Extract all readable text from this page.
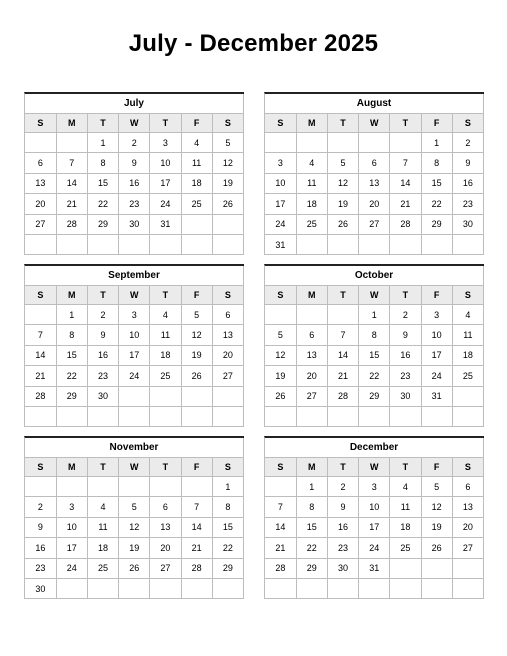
July - December 2025
July
S	M	T	W	T	F	S
		1	2	3	4	5
6	7	8	9	10	11	12
13	14	15	16	17	18	19
20	21	22	23	24	25	26
27	28	29	30	31		

August
S	M	T	W	T	F	S
					1	2
3	4	5	6	7	8	9
10	11	12	13	14	15	16
17	18	19	20	21	22	23
24	25	26	27	28	29	30
31						
September
S	M	T	W	T	F	S
	1	2	3	4	5	6
7	8	9	10	11	12	13
14	15	16	17	18	19	20
21	22	23	24	25	26	27
28	29	30				

October
S	M	T	W	T	F	S
			1	2	3	4
5	6	7	8	9	10	11
12	13	14	15	16	17	18
19	20	21	22	23	24	25
26	27	28	29	30	31	

November
S	M	T	W	T	F	S
						1
2	3	4	5	6	7	8
9	10	11	12	13	14	15
16	17	18	19	20	21	22
23	24	25	26	27	28	29
30						
December
S	M	T	W	T	F	S
	1	2	3	4	5	6
7	8	9	10	11	12	13
14	15	16	17	18	19	20
21	22	23	24	25	26	27
28	29	30	31			
